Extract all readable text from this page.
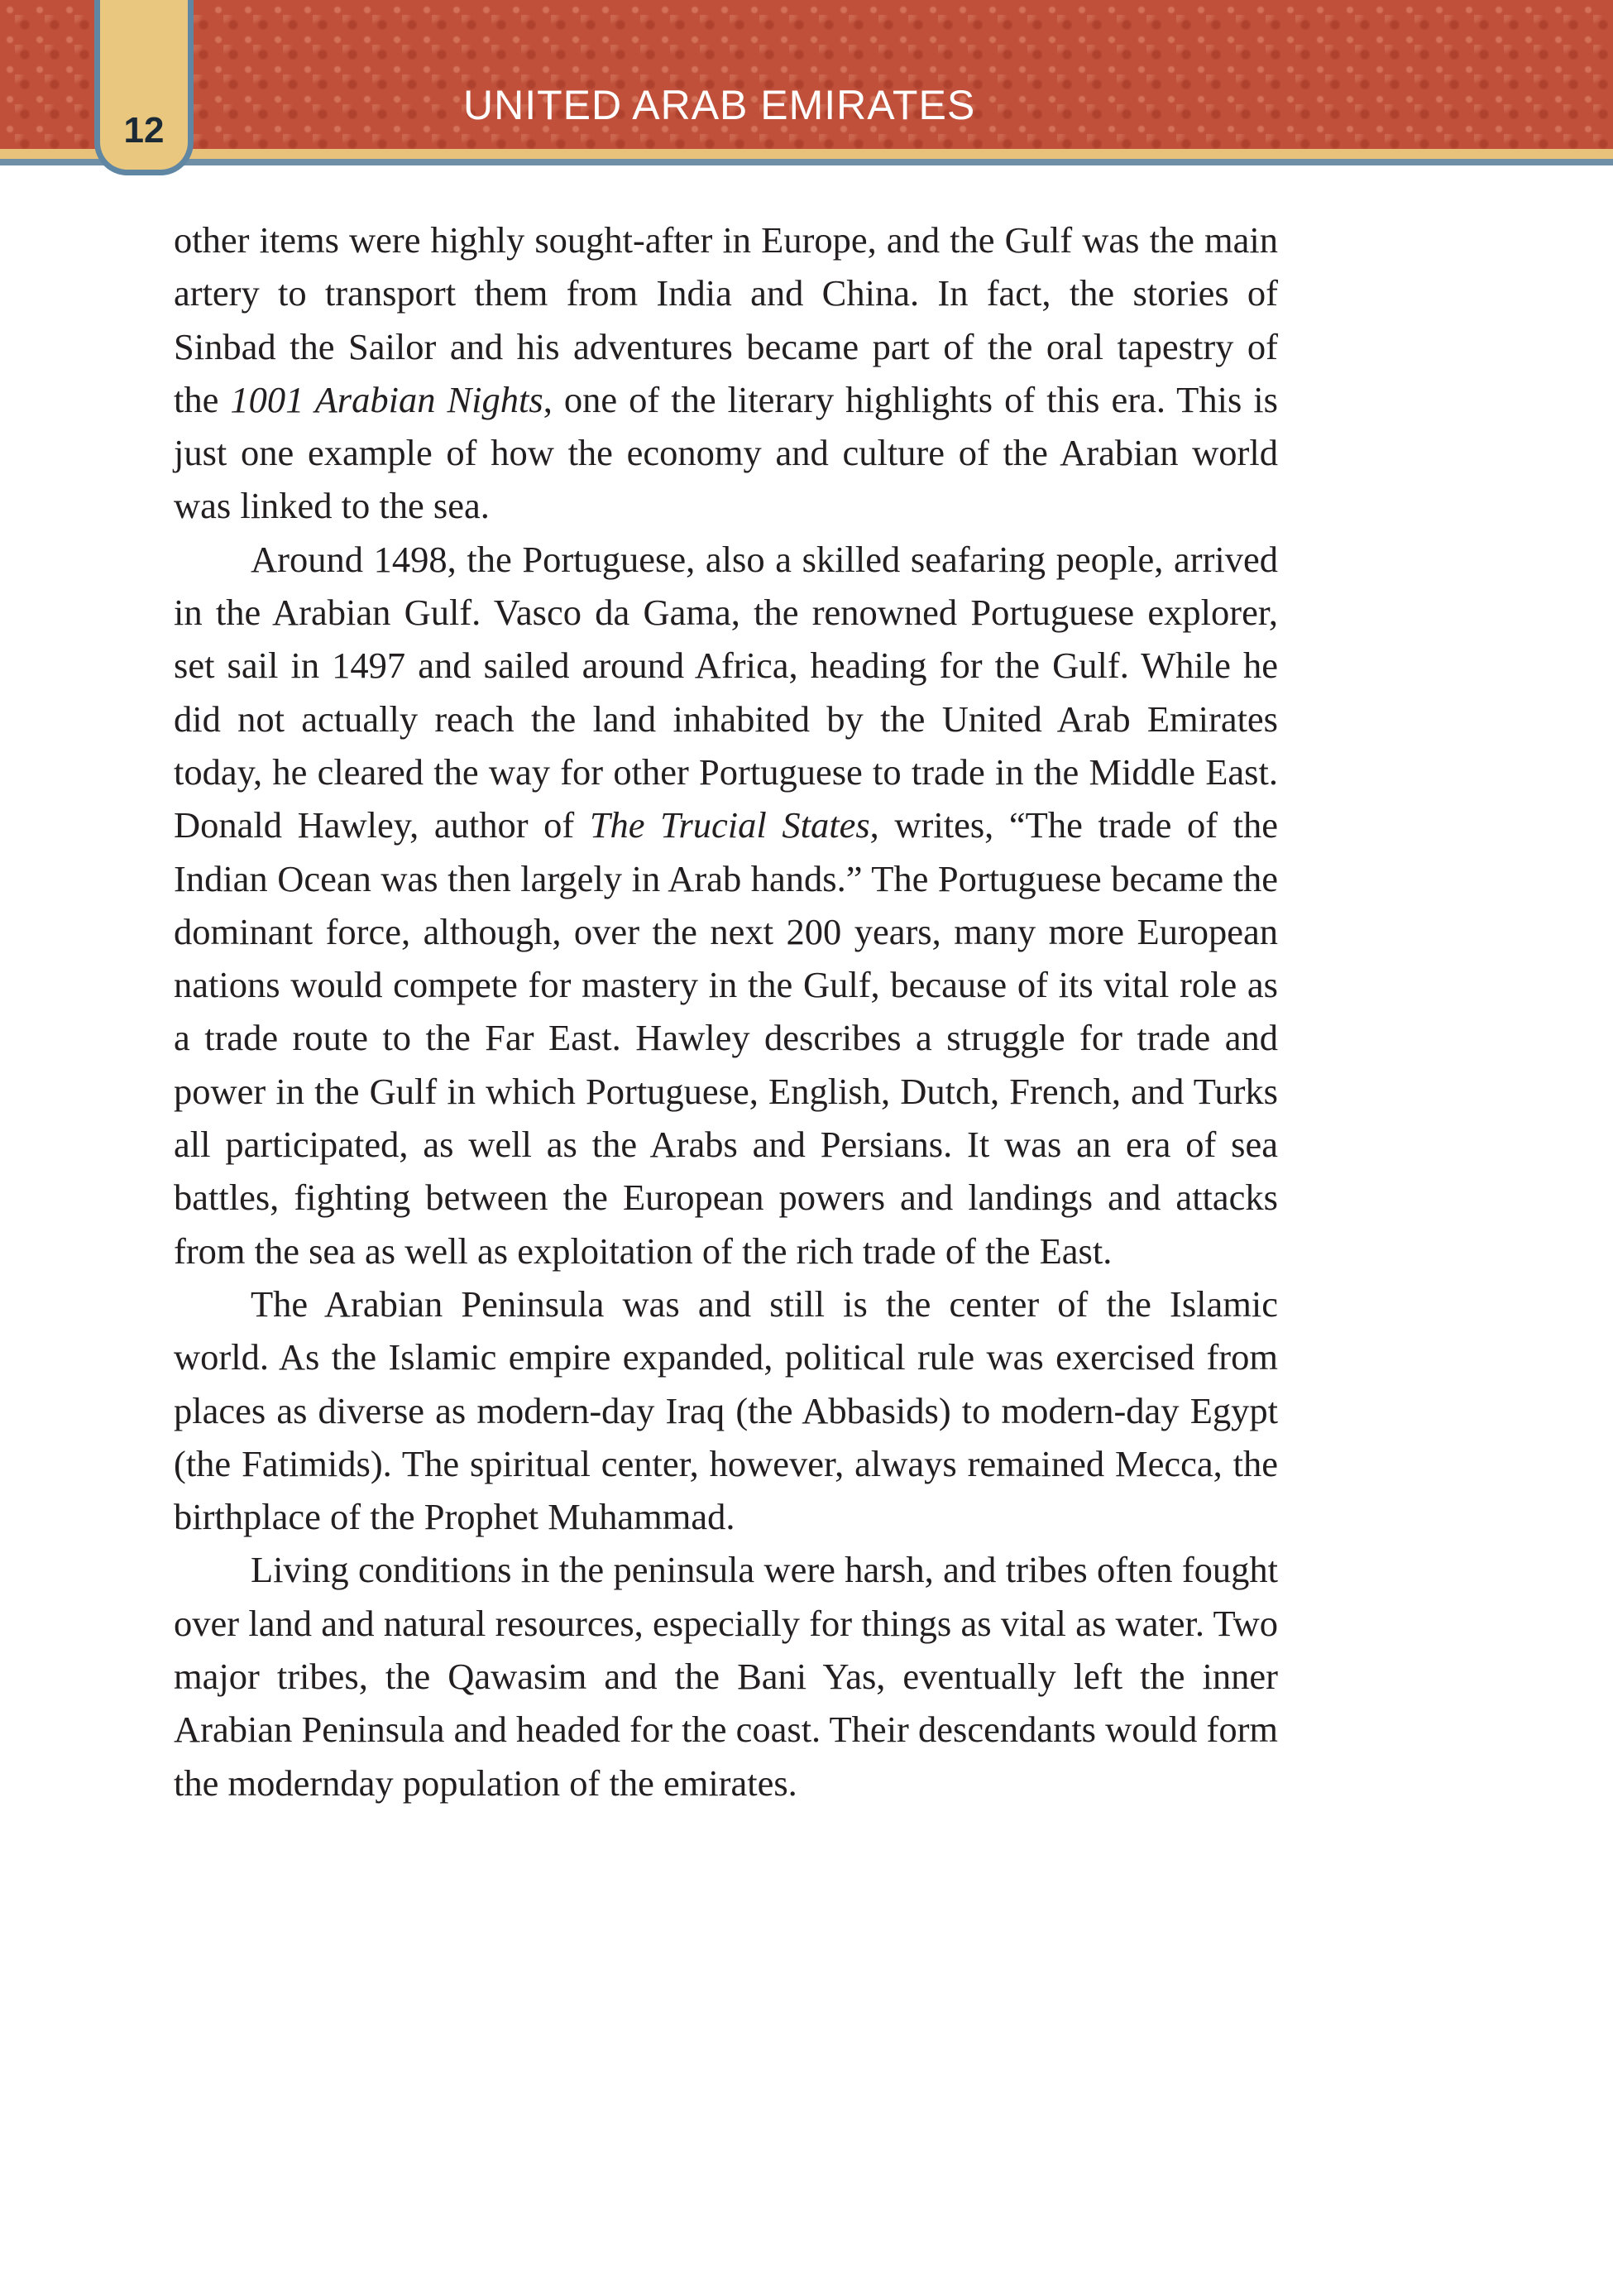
12
UNITED ARAB EMIRATES

other items were highly sought-after in Europe, and the Gulf was the main artery to transport them from India and China. In fact, the stories of Sinbad the Sailor and his adventures became part of the oral tapestry of the 1001 Arabian Nights, one of the literary highlights of this era. This is just one example of how the economy and culture of the Arabian world was linked to the sea.

Around 1498, the Portuguese, also a skilled seafaring people, arrived in the Arabian Gulf. Vasco da Gama, the renowned Portuguese explorer, set sail in 1497 and sailed around Africa, heading for the Gulf. While he did not actually reach the land inhabited by the United Arab Emirates today, he cleared the way for other Portuguese to trade in the Middle East. Donald Hawley, author of The Trucial States, writes, “The trade of the Indian Ocean was then largely in Arab hands.” The Portuguese became the dominant force, although, over the next 200 years, many more European nations would compete for mastery in the Gulf, because of its vital role as a trade route to the Far East. Hawley describes a struggle for trade and power in the Gulf in which Portuguese, English, Dutch, French, and Turks all participated, as well as the Arabs and Persians. It was an era of sea battles, fighting between the European powers and landings and attacks from the sea as well as exploitation of the rich trade of the East.

The Arabian Peninsula was and still is the center of the Islamic world. As the Islamic empire expanded, political rule was exercised from places as diverse as modern-day Iraq (the Abbasids) to modern-day Egypt (the Fatimids). The spiritual center, however, always remained Mecca, the birthplace of the Prophet Muhammad.

Living conditions in the peninsula were harsh, and tribes often fought over land and natural resources, especially for things as vital as water. Two major tribes, the Qawasim and the Bani Yas, eventually left the inner Arabian Peninsula and headed for the coast. Their descendants would form the modernday population of the emirates.
